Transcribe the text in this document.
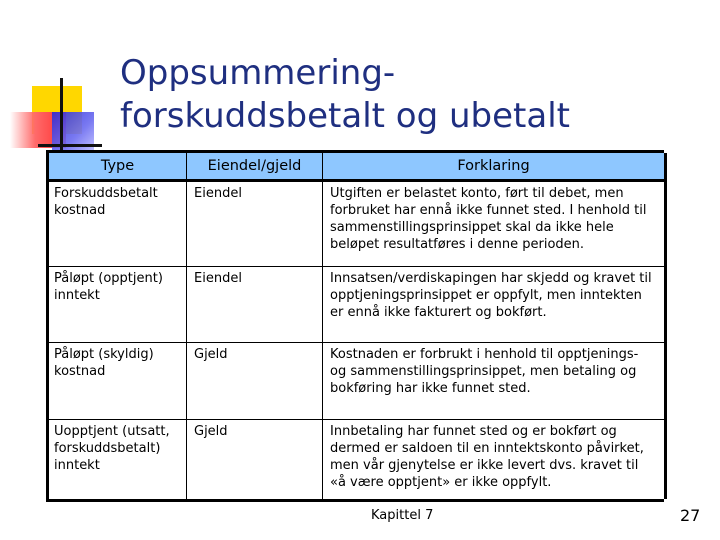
Oppsummering-
forskuddsbetalt og ubetalt
Type	Eiendel/gjeld	Forklaring
Forskuddsbetalt kostnad	Eiendel	Utgiften er belastet konto, ført til debet, men forbruket har ennå ikke funnet sted. I henhold til sammenstillingsprinsippet skal da ikke hele beløpet resultatføres i denne perioden.
Påløpt (opptjent) inntekt	Eiendel	Innsatsen/verdiskapingen har skjedd og kravet til opptjeningsprinsippet er oppfylt, men inntekten er ennå ikke fakturert og bokført.
Påløpt (skyldig) kostnad	Gjeld	Kostnaden er forbrukt i henhold til opptjenings- og sammenstillingsprinsippet, men betaling og bokføring har ikke funnet sted.
Uopptjent (utsatt, forskuddsbetalt) inntekt	Gjeld	Innbetaling har funnet sted og er bokført og dermed er saldoen til en inntektskonto påvirket, men vår gjenytelse er ikke levert dvs. kravet til «å være opptjent» er ikke oppfylt.
Kapittel 7	27
